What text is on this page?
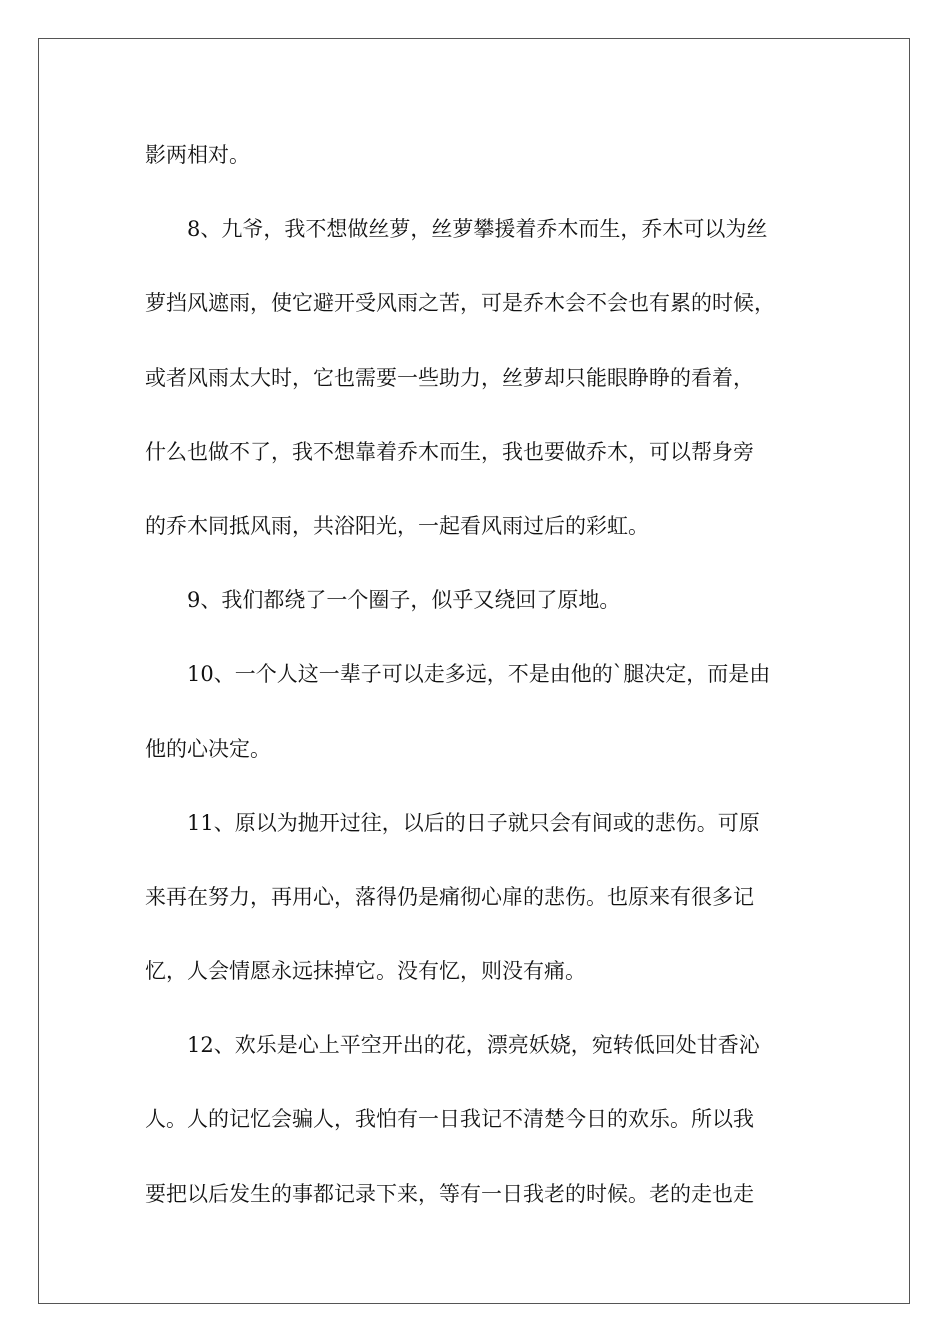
影两相对。
8、九爷，我不想做丝萝，丝萝攀援着乔木而生，乔木可以为丝
萝挡风遮雨，使它避开受风雨之苦，可是乔木会不会也有累的时候，
或者风雨太大时，它也需要一些助力，丝萝却只能眼睁睁的看着，
什么也做不了，我不想靠着乔木而生，我也要做乔木，可以帮身旁
的乔木同抵风雨，共浴阳光，一起看风雨过后的彩虹。
9、我们都绕了一个圈子，似乎又绕回了原地。
10、一个人这一辈子可以走多远，不是由他的`腿决定，而是由
他的心决定。
11、原以为抛开过往，以后的日子就只会有间或的悲伤。可原
来再在努力，再用心，落得仍是痛彻心扉的悲伤。也原来有很多记
忆，人会情愿永远抹掉它。没有忆，则没有痛。
12、欢乐是心上平空开出的花，漂亮妖娆，宛转低回处甘香沁
人。人的记忆会骗人，我怕有一日我记不清楚今日的欢乐。所以我
要把以后发生的事都记录下来，等有一日我老的时候。老的走也走
